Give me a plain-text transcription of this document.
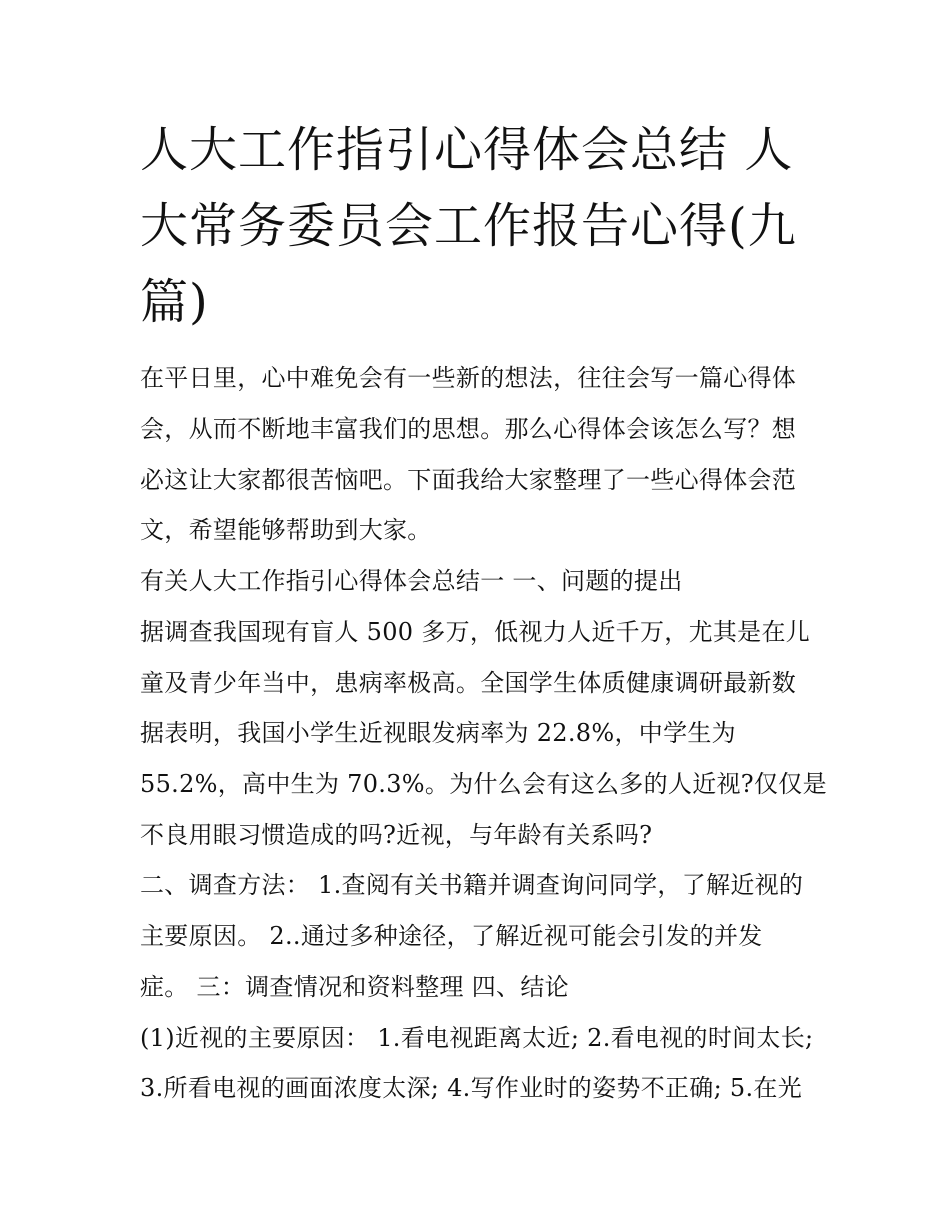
人大工作指引心得体会总结 人
大常务委员会工作报告心得(九
篇)

在平日里，心中难免会有一些新的想法，往往会写一篇心得体

会，从而不断地丰富我们的思想。那么心得体会该怎么写？想

必这让大家都很苦恼吧。下面我给大家整理了一些心得体会范

文，希望能够帮助到大家。

有关人大工作指引心得体会总结一 一、问题的提出

据调查我国现有盲人 500 多万，低视力人近千万，尤其是在儿

童及青少年当中，患病率极高。全国学生体质健康调研最新数

据表明，我国小学生近视眼发病率为 22.8%，中学生为

55.2%，高中生为 70.3%。为什么会有这么多的人近视?仅仅是

不良用眼习惯造成的吗?近视，与年龄有关系吗?

二、调查方法： 1.查阅有关书籍并调查询问同学，了解近视的

主要原因。 2..通过多种途径，了解近视可能会引发的并发

症。 三：调查情况和资料整理 四、结论

(1)近视的主要原因： 1.看电视距离太近; 2.看电视的时间太长;

3.所看电视的画面浓度太深; 4.写作业时的姿势不正确; 5.在光
